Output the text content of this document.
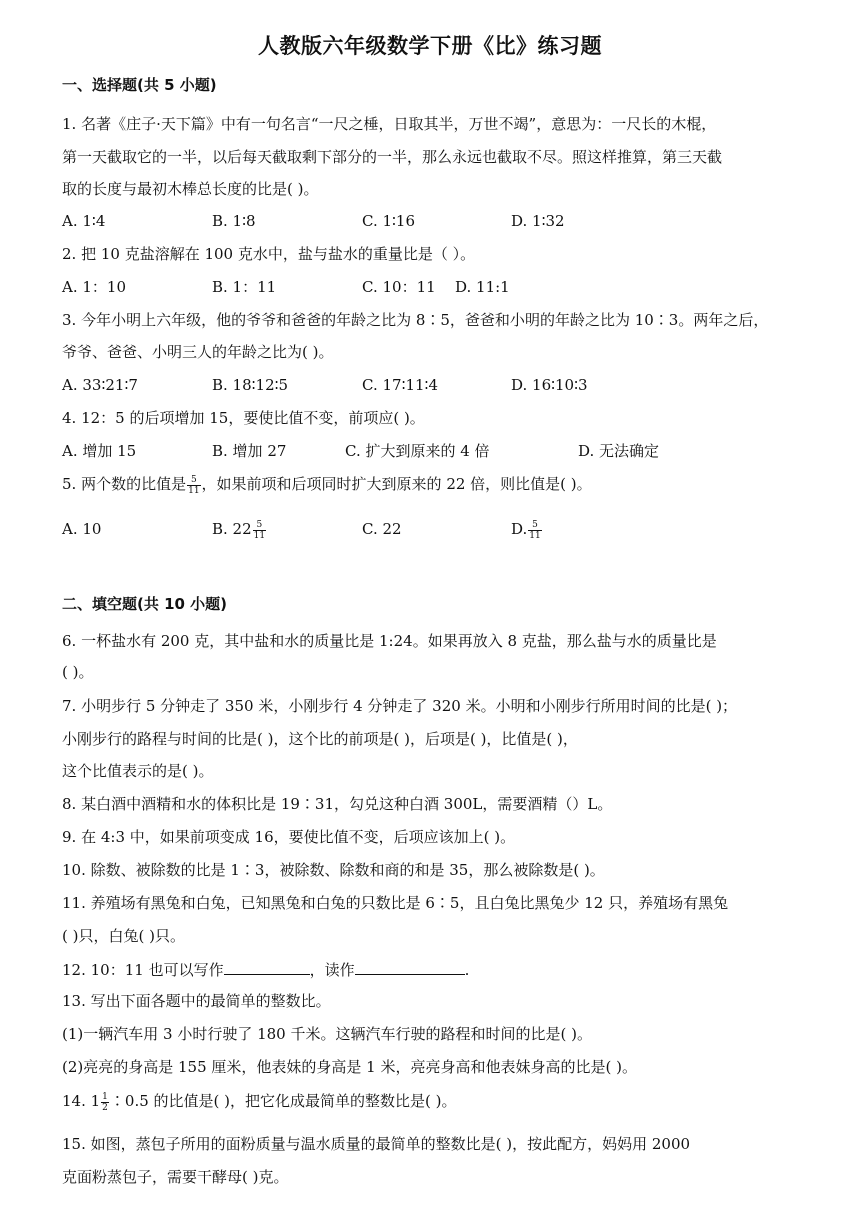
人教版六年级数学下册《比》练习题
一、选择题(共 5 小题)
1. 名著《庄子·天下篇》中有一句名言“一尺之棰，日取其半，万世不竭”，意思为：一尺长的木棍，
第一天截取它的一半，以后每天截取剩下部分的一半，那么永远也截取不尽。照这样推算，第三天截
取的长度与最初木棒总长度的比是( )。
A. 1∶4	B. 1∶8	C. 1∶16	D. 1∶32
2. 把 10 克盐溶解在 100 克水中，盐与盐水的重量比是（ ）。
A. 1：10	B. 1：11	C. 10：11 D. 11:1
3. 今年小明上六年级，他的爷爷和爸爸的年龄之比为 8∶5，爸爸和小明的年龄之比为 10∶3。两年之后，
爷爷、爸爸、小明三人的年龄之比为( )。
A. 33∶21∶7	B. 18∶12∶5	C. 17∶11∶4	D. 16∶10∶3
4. 12：5 的后项增加 15，要使比值不变，前项应( )。
A. 增加 15	B. 增加 27	C. 扩大到原来的 4 倍	D. 无法确定
5. 两个数的比值是 $\frac{5}{11}$ ，如果前项和后项同时扩大到原来的 22 倍，则比值是( )。
A. 10	B. $22 \frac{5}{11}$	C. 22	D. $\frac{5}{11}$
二、填空题(共 10 小题)
6. 一杯盐水有 200 克，其中盐和水的质量比是 1:24。如果再放入 8 克盐，那么盐与水的质量比是
( )。
7. 小明步行 5 分钟走了 350 米，小刚步行 4 分钟走了 320 米。小明和小刚步行所用时间的比是( )；
小刚步行的路程与时间的比是( )，这个比的前项是( )，后项是( )，比值是( )，
这个比值表示的是( )。
8. 某白酒中酒精和水的体积比是 19∶31，勾兑这种白酒 300L，需要酒精（）L。
9. 在 4:3 中，如果前项变成 16，要使比值不变，后项应该加上( )。
10. 除数、被除数的比是 1∶3，被除数、除数和商的和是 35，那么被除数是( )。
11. 养殖场有黑兔和白兔，已知黑兔和白兔的只数比是 6∶5，且白兔比黑兔少 12 只，养殖场有黑兔
( )只，白兔( )只。
12. 10：11 也可以写作	，读作	.
13. 写出下面各题中的最简单的整数比。
(1)一辆汽车用 3 小时行驶了 180 千米。这辆汽车行驶的路程和时间的比是( )。
(2)亮亮的身高是 155 厘米，他表妹的身高是 1 米，亮亮身高和他表妹身高的比是( )。
14. $1 \frac{1}{2}$ ∶0.5 的比值是( )，把它化成最简单的整数比是( )。
15. 如图，蒸包子所用的面粉质量与温水质量的最简单的整数比是( )，按此配方，妈妈用 2000
克面粉蒸包子，需要干酵母( )克。
